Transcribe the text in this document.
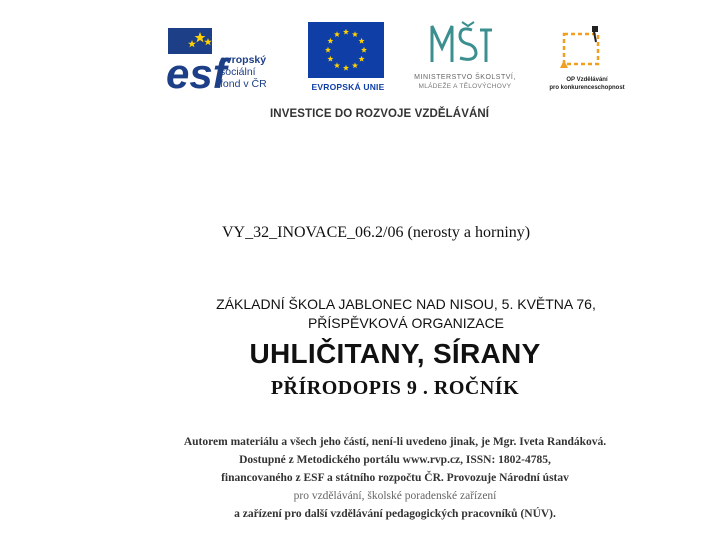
esf
evropský
sociální
fond v ČR	EVROPSKÁ UNIE
MINISTERSTVO ŠKOLSTVÍ,
MLÁDEŽE A TĚLOVÝCHOVY
OP Vzdělávání
pro konkurenceschopnost
INVESTICE DO ROZVOJE VZDĚLÁVÁNÍ
VY_32_INOVACE_06.2/06 (nerosty a horniny)
ZÁKLADNÍ ŠKOLA JABLONEC NAD NISOU, 5. KVĚTNA 76,
PŘÍSPĚVKOVÁ ORGANIZACE
UHLIČITANY, SÍRANY
PŘÍRODOPIS 9 . ROČNÍK
Autorem materiálu a všech jeho částí, není-li uvedeno jinak, je Mgr. Iveta Randáková.
Dostupné z Metodického portálu www.rvp.cz, ISSN: 1802-4785,
financovaného z ESF a státního rozpočtu ČR. Provozuje Národní ústav
pro vzdělávání, školské poradenské zařízení
a zařízení pro další vzdělávání pedagogických pracovníků (NÚV).
